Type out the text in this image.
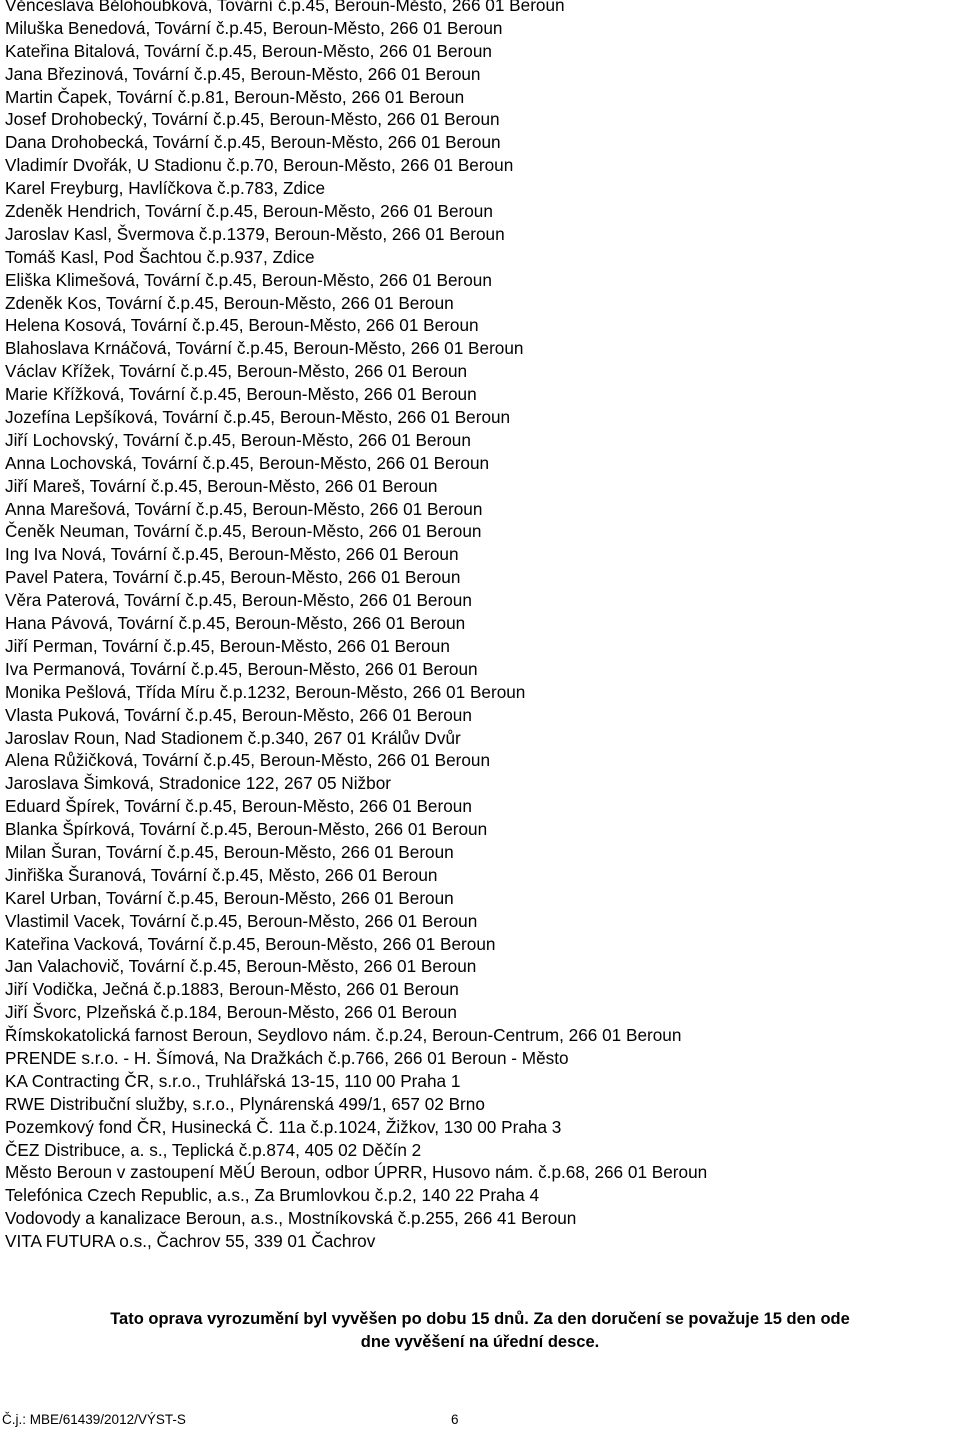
Věnceslava Bělohoubková, Tovární č.p.45, Beroun-Město, 266 01 Beroun
Miluška Benedová, Tovární č.p.45, Beroun-Město, 266 01 Beroun
Kateřina Bitalová, Tovární č.p.45, Beroun-Město, 266 01 Beroun
Jana Březinová, Tovární č.p.45, Beroun-Město, 266 01 Beroun
Martin Čapek, Tovární č.p.81, Beroun-Město, 266 01 Beroun
Josef Drohobecký, Tovární č.p.45, Beroun-Město, 266 01 Beroun
Dana Drohobecká, Tovární č.p.45, Beroun-Město, 266 01 Beroun
Vladimír Dvořák, U Stadionu č.p.70, Beroun-Město, 266 01 Beroun
Karel Freyburg, Havlíčkova č.p.783, Zdice
Zdeněk Hendrich, Tovární č.p.45, Beroun-Město, 266 01 Beroun
Jaroslav Kasl, Švermova č.p.1379, Beroun-Město, 266 01 Beroun
Tomáš Kasl, Pod Šachtou č.p.937, Zdice
Eliška Klimešová, Tovární č.p.45, Beroun-Město, 266 01 Beroun
Zdeněk Kos, Tovární č.p.45, Beroun-Město, 266 01 Beroun
Helena Kosová, Tovární č.p.45, Beroun-Město, 266 01 Beroun
Blahoslava Krnáčová, Tovární č.p.45, Beroun-Město, 266 01 Beroun
Václav Křížek, Tovární č.p.45, Beroun-Město, 266 01 Beroun
Marie Křížková, Tovární č.p.45, Beroun-Město, 266 01 Beroun
Jozefína Lepšíková, Tovární č.p.45, Beroun-Město, 266 01 Beroun
Jiří Lochovský, Tovární č.p.45, Beroun-Město, 266 01 Beroun
Anna Lochovská, Tovární č.p.45, Beroun-Město, 266 01 Beroun
Jiří Mareš, Tovární č.p.45, Beroun-Město, 266 01 Beroun
Anna Marešová, Tovární č.p.45, Beroun-Město, 266 01 Beroun
Čeněk Neuman, Tovární č.p.45, Beroun-Město, 266 01 Beroun
Ing Iva Nová, Tovární č.p.45, Beroun-Město, 266 01 Beroun
Pavel Patera, Tovární č.p.45, Beroun-Město, 266 01 Beroun
Věra Paterová, Tovární č.p.45, Beroun-Město, 266 01 Beroun
Hana Pávová, Tovární č.p.45, Beroun-Město, 266 01 Beroun
Jiří Perman, Tovární č.p.45, Beroun-Město, 266 01 Beroun
Iva Permanová, Tovární č.p.45, Beroun-Město, 266 01 Beroun
Monika Pešlová, Třída Míru č.p.1232, Beroun-Město, 266 01 Beroun
Vlasta Puková, Tovární č.p.45, Beroun-Město, 266 01 Beroun
Jaroslav Roun, Nad Stadionem č.p.340, 267 01 Králův Dvůr
Alena Růžičková, Tovární č.p.45, Beroun-Město, 266 01 Beroun
Jaroslava Šimková, Stradonice 122, 267 05 Nižbor
Eduard Špírek, Tovární č.p.45, Beroun-Město, 266 01 Beroun
Blanka Špírková, Tovární č.p.45, Beroun-Město, 266 01 Beroun
Milan Šuran, Tovární č.p.45, Beroun-Město, 266 01 Beroun
Jinřiška Šuranová, Tovární č.p.45, Město, 266 01 Beroun
Karel Urban, Tovární č.p.45, Beroun-Město, 266 01 Beroun
Vlastimil Vacek, Tovární č.p.45, Beroun-Město, 266 01 Beroun
Kateřina Vacková, Tovární č.p.45, Beroun-Město, 266 01 Beroun
Jan Valachovič, Tovární č.p.45, Beroun-Město, 266 01 Beroun
Jiří Vodička, Ječná č.p.1883, Beroun-Město, 266 01 Beroun
Jiří Švorc, Plzeňská č.p.184, Beroun-Město, 266 01 Beroun
Římskokatolická farnost Beroun, Seydlovo nám. č.p.24, Beroun-Centrum, 266 01 Beroun
PRENDE s.r.o. - H. Šímová, Na Dražkách č.p.766, 266 01 Beroun - Město
KA Contracting ČR, s.r.o., Truhlářská 13-15, 110 00 Praha 1
RWE Distribuční služby, s.r.o., Plynárenská 499/1, 657 02 Brno
Pozemkový fond ČR, Husinecká Č. 11a č.p.1024, Žižkov, 130 00 Praha 3
ČEZ Distribuce, a. s., Teplická č.p.874, 405 02 Děčín 2
Město Beroun v zastoupení MěÚ Beroun, odbor ÚPRR, Husovo nám. č.p.68, 266 01 Beroun
Telefónica Czech Republic, a.s., Za Brumlovkou č.p.2, 140 22 Praha 4
Vodovody a kanalizace Beroun, a.s., Mostníkovská č.p.255, 266 41 Beroun
VITA FUTURA o.s., Čachrov 55, 339 01 Čachrov
Tato oprava vyrozumění byl vyvěšen po dobu 15 dnů. Za den doručení se považuje 15 den ode
dne vyvěšení na úřední desce.
Č.j.: MBE/61439/2012/VÝST-S	6
